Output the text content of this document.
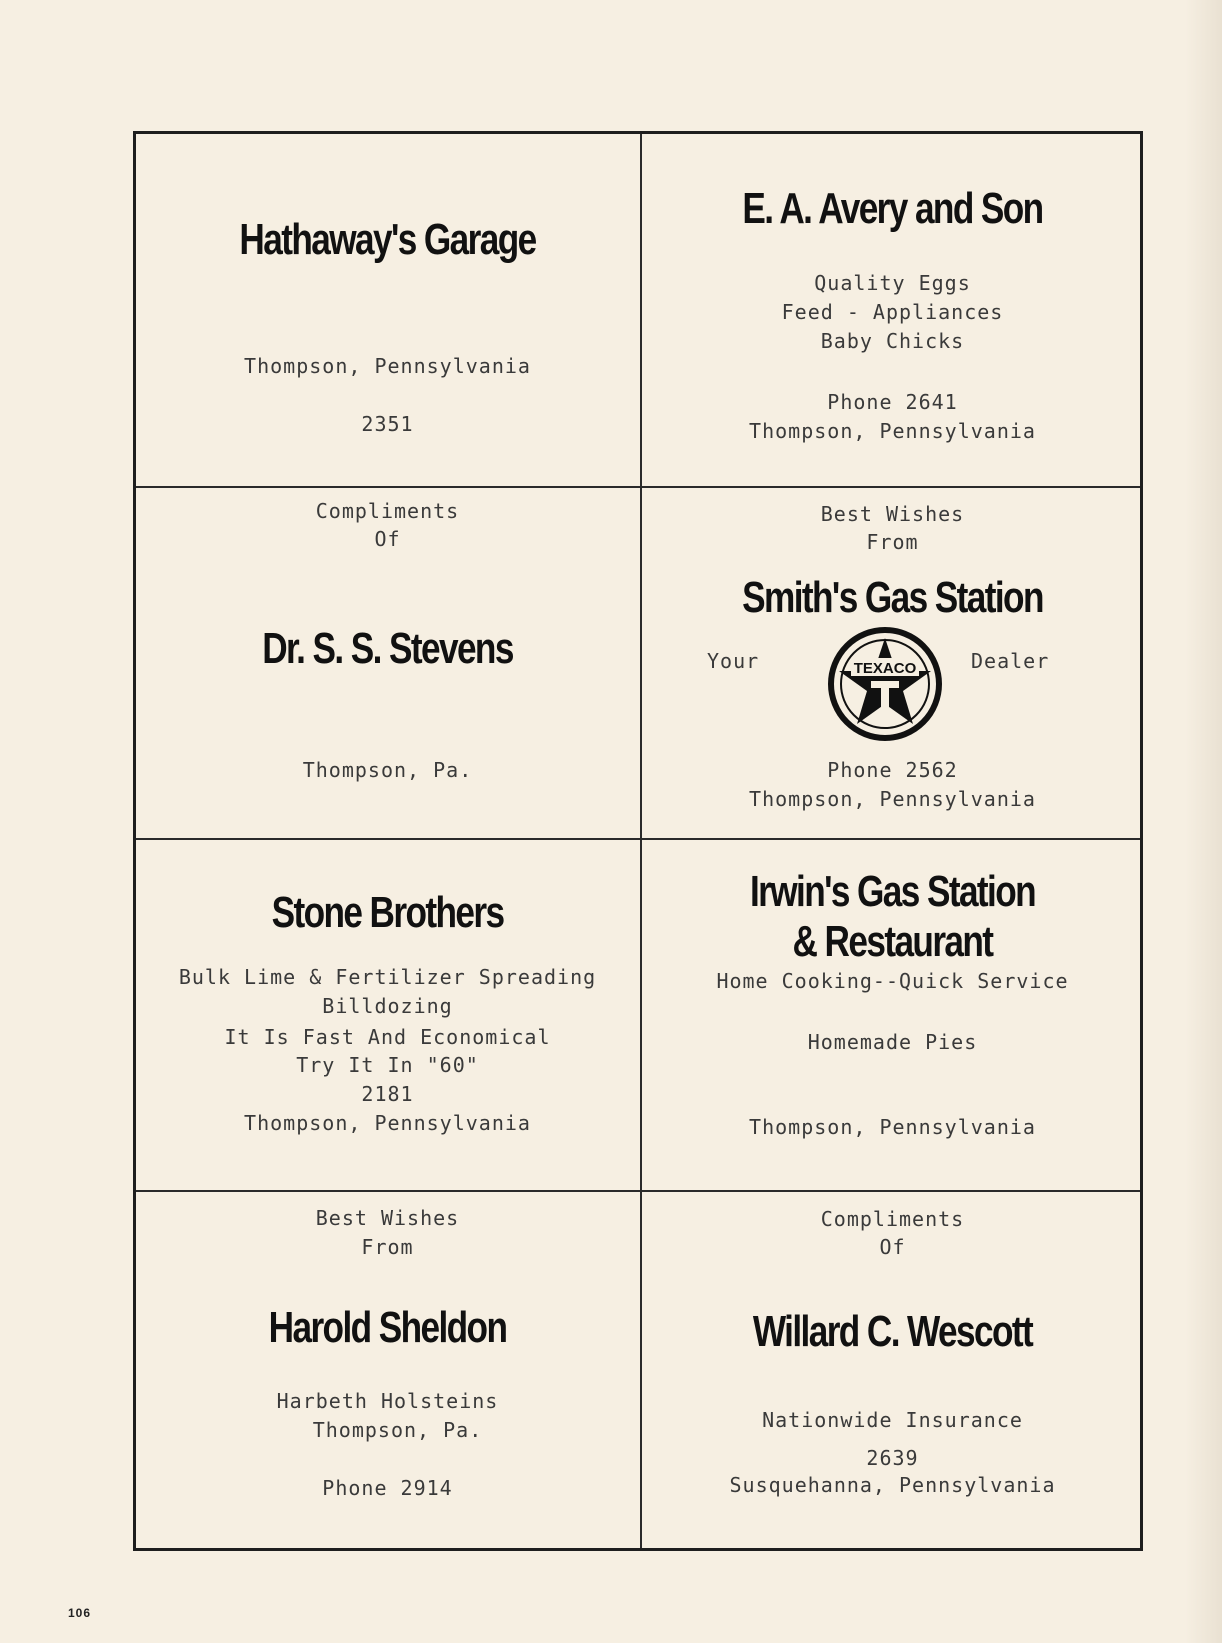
Hathaway's Garage
Thompson, Pennsylvania
2351
E. A. Avery and Son
Quality Eggs
Feed - Appliances
Baby Chicks
Phone 2641
Thompson, Pennsylvania
Compliments
Of
Dr. S. S. Stevens
Thompson, Pa.
Best Wishes
From
Smith's Gas Station
Your	Dealer
TEXACO
Phone 2562
Thompson, Pennsylvania
Stone Brothers
Bulk Lime & Fertilizer Spreading
Billdozing
It Is Fast And Economical
Try It In "60"
2181
Thompson, Pennsylvania
Irwin's Gas Station
& Restaurant
Home Cooking--Quick Service
Homemade Pies
Thompson, Pennsylvania
Best Wishes
From
Harold Sheldon
Harbeth Holsteins
Thompson, Pa.
Phone 2914
Compliments
Of
Willard C. Wescott
Nationwide Insurance
2639
Susquehanna, Pennsylvania
106
